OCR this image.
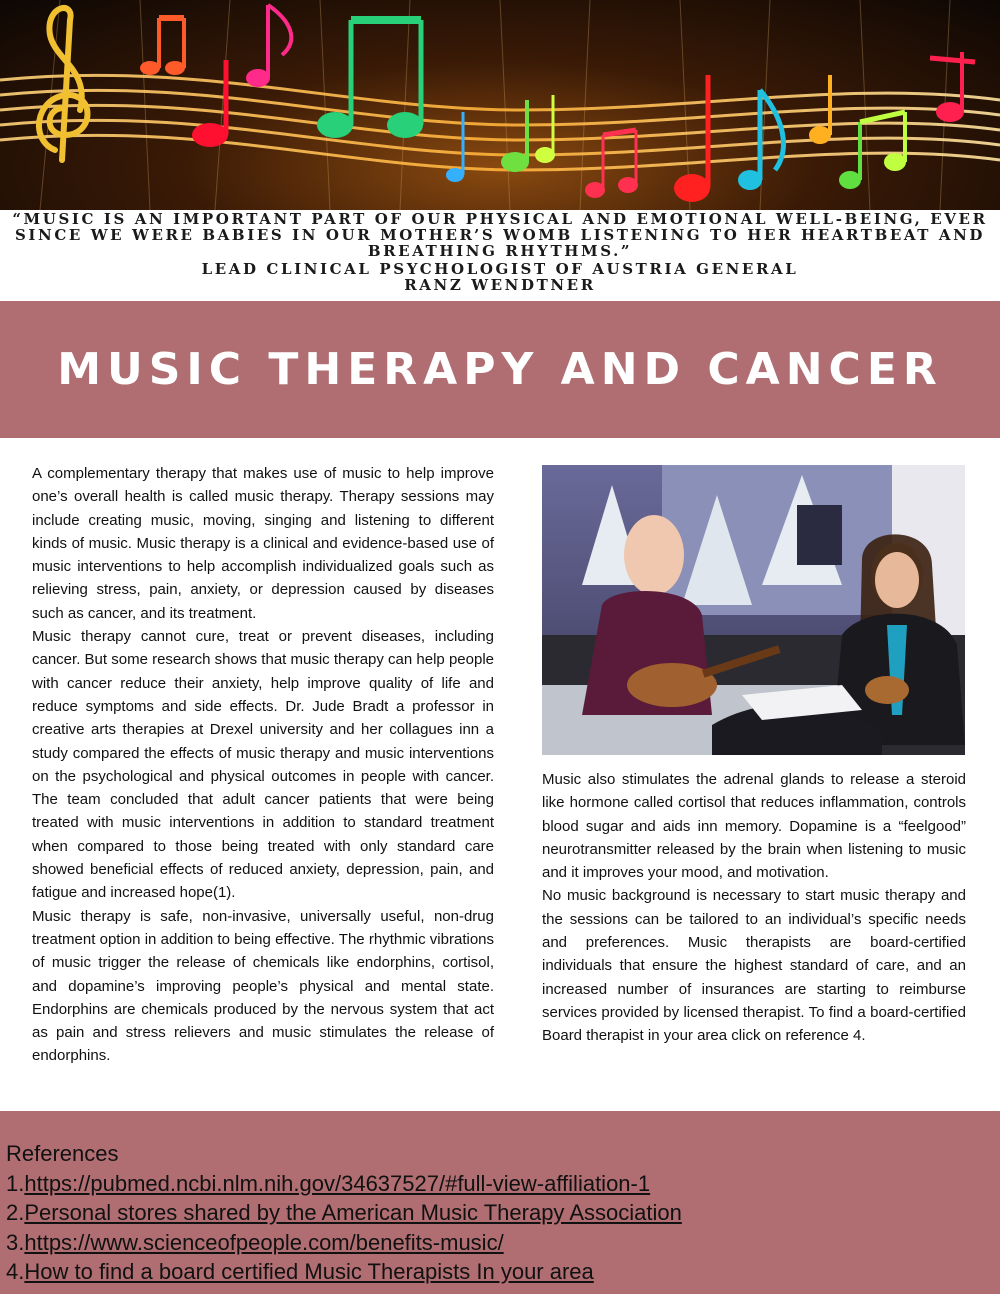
“MUSIC IS AN IMPORTANT PART OF OUR PHYSICAL AND EMOTIONAL WELL-BEING, EVER SINCE WE WERE BABIES IN OUR MOTHER’S WOMB LISTENING TO HER HEARTBEAT AND BREATHING RHYTHMS.”
LEAD CLINICAL PSYCHOLOGIST OF AUSTRIA GENERAL
RANZ WENDTNER
MUSIC THERAPY AND CANCER

A complementary therapy that makes use of music to help improve one’s overall health is called music therapy. Therapy sessions may include creating music, moving, singing and listening to different kinds of music. Music therapy is a clinical and evidence-based use of music interventions to help accomplish individualized goals such as relieving stress, pain, anxiety, or depression caused by diseases such as cancer, and its treatment.

Music therapy cannot cure, treat or prevent diseases, including cancer. But some research shows that music therapy can help people with cancer reduce their anxiety, help improve quality of life and reduce symptoms and side effects. Dr. Jude Bradt a professor in creative arts therapies at Drexel university and her collagues inn a study compared the effects of music therapy and music interventions on the psychological and physical outcomes in people with cancer. The team concluded that adult cancer patients that were being treated with music interventions in addition to standard treatment when compared to those being treated with only standard care showed beneficial effects of reduced anxiety, depression, pain, and fatigue and increased hope(1).

Music therapy is safe, non-invasive, universally useful, non-drug treatment option in addition to being effective. The rhythmic vibrations of music trigger the release of chemicals like endorphins, cortisol, and dopamine’s improving people’s physical and mental state. Endorphins are chemicals produced by the nervous system that act as pain and stress relievers and music stimulates the release of endorphins.

Music also stimulates the adrenal glands to release a steroid like hormone called cortisol that reduces inflammation, controls blood sugar and aids inn memory. Dopamine is a “feelgood” neurotransmitter released by the brain when listening to music and it improves your mood, and motivation.

No music background is necessary to start music therapy and the sessions can be tailored to an individual’s specific needs and preferences. Music therapists are board-certified individuals that ensure the highest standard of care, and an increased number of insurances are starting to reimburse services provided by licensed therapist. To find a board-certified Board therapist in your area click on reference 4.

References
1.https://pubmed.ncbi.nlm.nih.gov/34637527/#full-view-affiliation-1
2.Personal stores shared by the American Music Therapy Association
3.https://www.scienceofpeople.com/benefits-music/
4.How to find a board certified Music Therapists In your area
